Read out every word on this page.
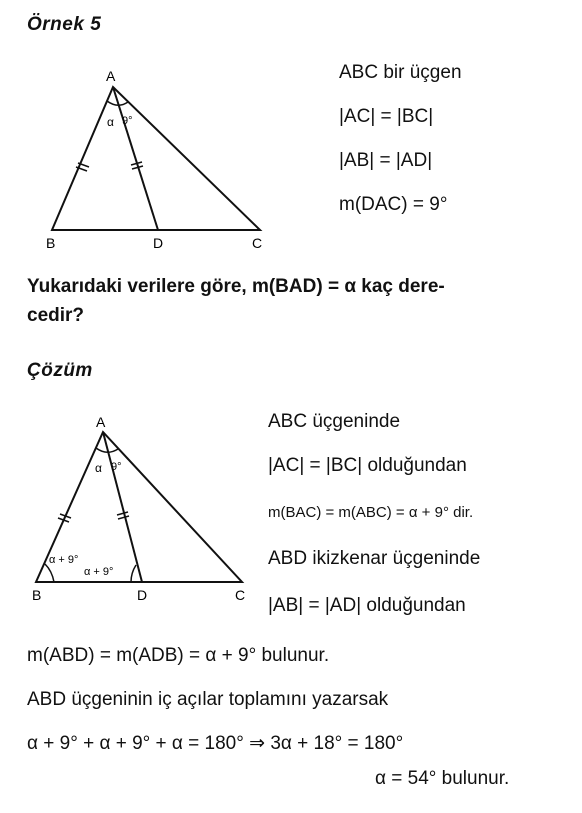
Örnek 5
A
B	C
D
α 9°
ABC bir üçgen
|AC| = |BC|
|AB| = |AD|
m(DAC) = 9°
Yukarıdaki verilere göre, m(BAD) = α kaç dere-
cedir?
Çözüm
A
B	C
D
α 9°
α + 9°
α + 9°
ABC üçgeninde
|AC| = |BC| olduğundan
m(BAC) = m(ABC) = α + 9° dir.
ABD ikizkenar üçgeninde
|AB| = |AD| olduğundan
m(ABD) = m(ADB) = α + 9° bulunur.
ABD üçgeninin iç açılar toplamını yazarsak
α + 9° + α + 9° + α = 180° ⇒ 3α + 18° = 180°
α = 54° bulunur.
